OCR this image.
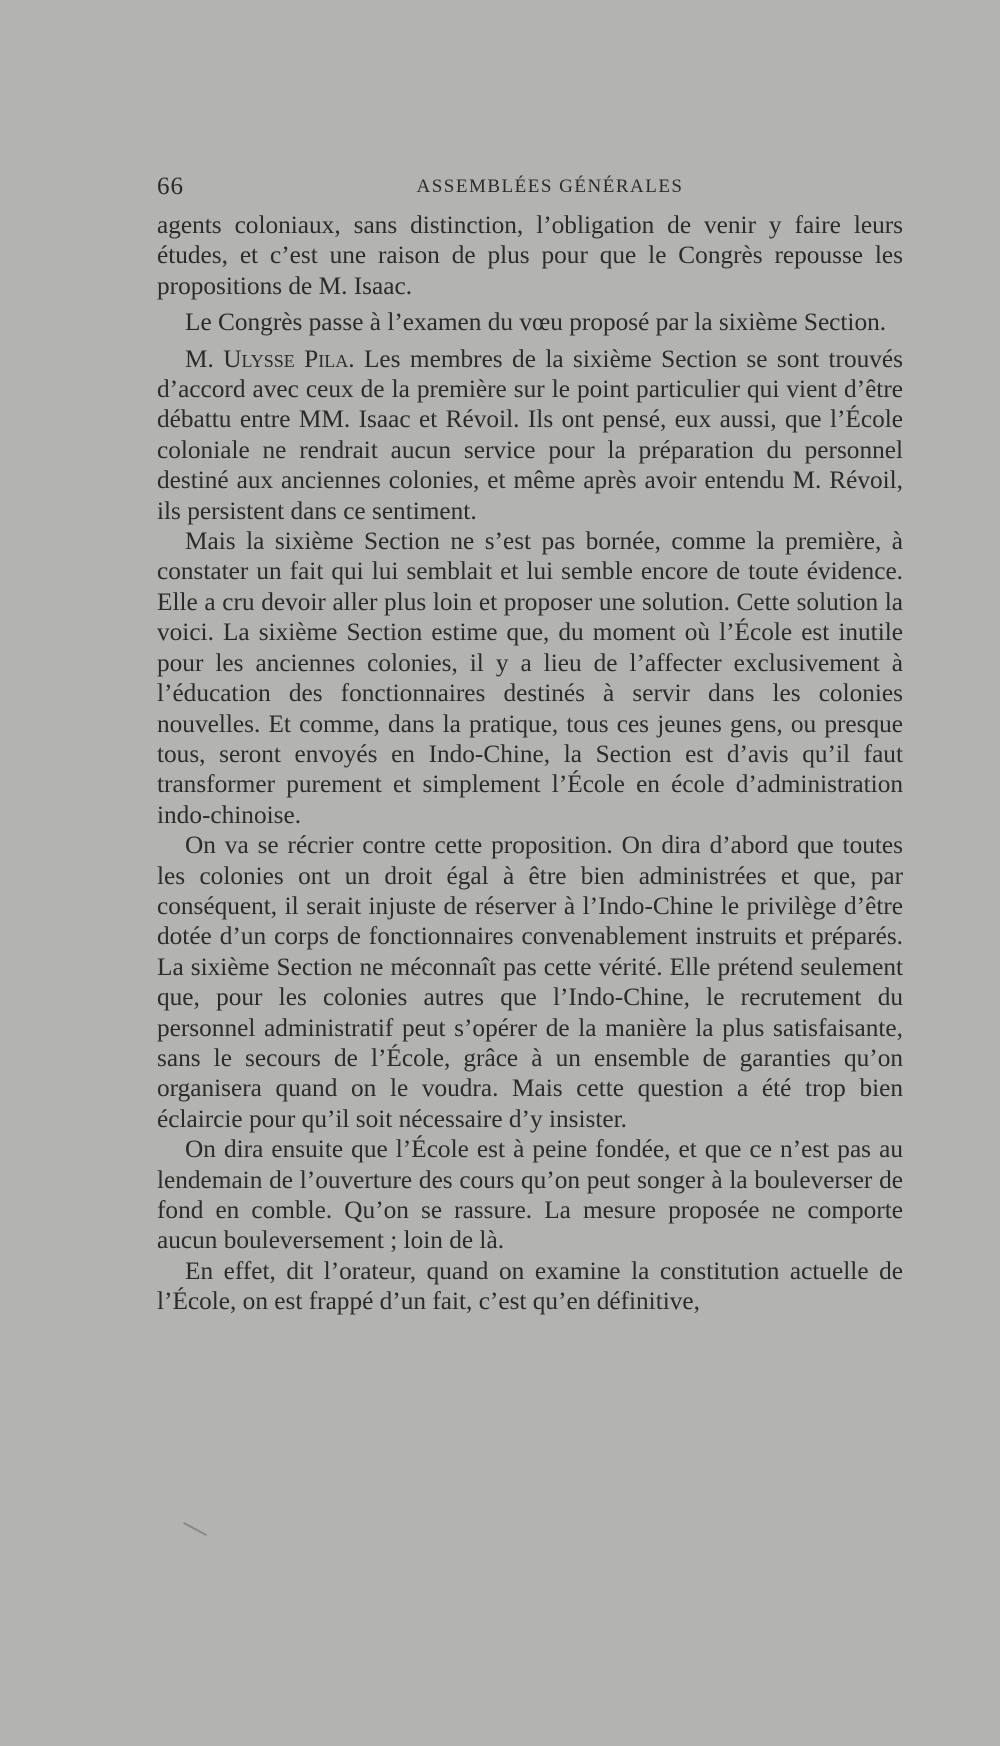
66	ASSEMBLÉES GÉNÉRALES

agents coloniaux, sans distinction, l’obligation de venir y faire leurs études, et c’est une raison de plus pour que le Congrès repousse les propositions de M. Isaac.

Le Congrès passe à l’examen du vœu proposé par la sixième Section.

M. Ulysse Pila. Les membres de la sixième Section se sont trouvés d’accord avec ceux de la première sur le point particulier qui vient d’être débattu entre MM. Isaac et Révoil. Ils ont pensé, eux aussi, que l’École coloniale ne rendrait aucun service pour la préparation du personnel destiné aux anciennes colonies, et même après avoir entendu M. Révoil, ils persistent dans ce sentiment.

Mais la sixième Section ne s’est pas bornée, comme la première, à constater un fait qui lui semblait et lui semble encore de toute évidence. Elle a cru devoir aller plus loin et proposer une solution. Cette solution la voici. La sixième Section estime que, du moment où l’École est inutile pour les anciennes colonies, il y a lieu de l’affecter exclusivement à l’éducation des fonctionnaires destinés à servir dans les colonies nouvelles. Et comme, dans la pratique, tous ces jeunes gens, ou presque tous, seront envoyés en Indo-Chine, la Section est d’avis qu’il faut transformer purement et simplement l’École en école d’administration indo-chinoise.

On va se récrier contre cette proposition. On dira d’abord que toutes les colonies ont un droit égal à être bien administrées et que, par conséquent, il serait injuste de réserver à l’Indo-Chine le privilège d’être dotée d’un corps de fonctionnaires convenablement instruits et préparés. La sixième Section ne méconnaît pas cette vérité. Elle prétend seulement que, pour les colonies autres que l’Indo-Chine, le recrutement du personnel administratif peut s’opérer de la manière la plus satisfaisante, sans le secours de l’École, grâce à un ensemble de garanties qu’on organisera quand on le voudra. Mais cette question a été trop bien éclaircie pour qu’il soit nécessaire d’y insister.

On dira ensuite que l’École est à peine fondée, et que ce n’est pas au lendemain de l’ouverture des cours qu’on peut songer à la bouleverser de fond en comble. Qu’on se rassure. La mesure proposée ne comporte aucun bouleversement ; loin de là.

En effet, dit l’orateur, quand on examine la constitution actuelle de l’École, on est frappé d’un fait, c’est qu’en définitive,
